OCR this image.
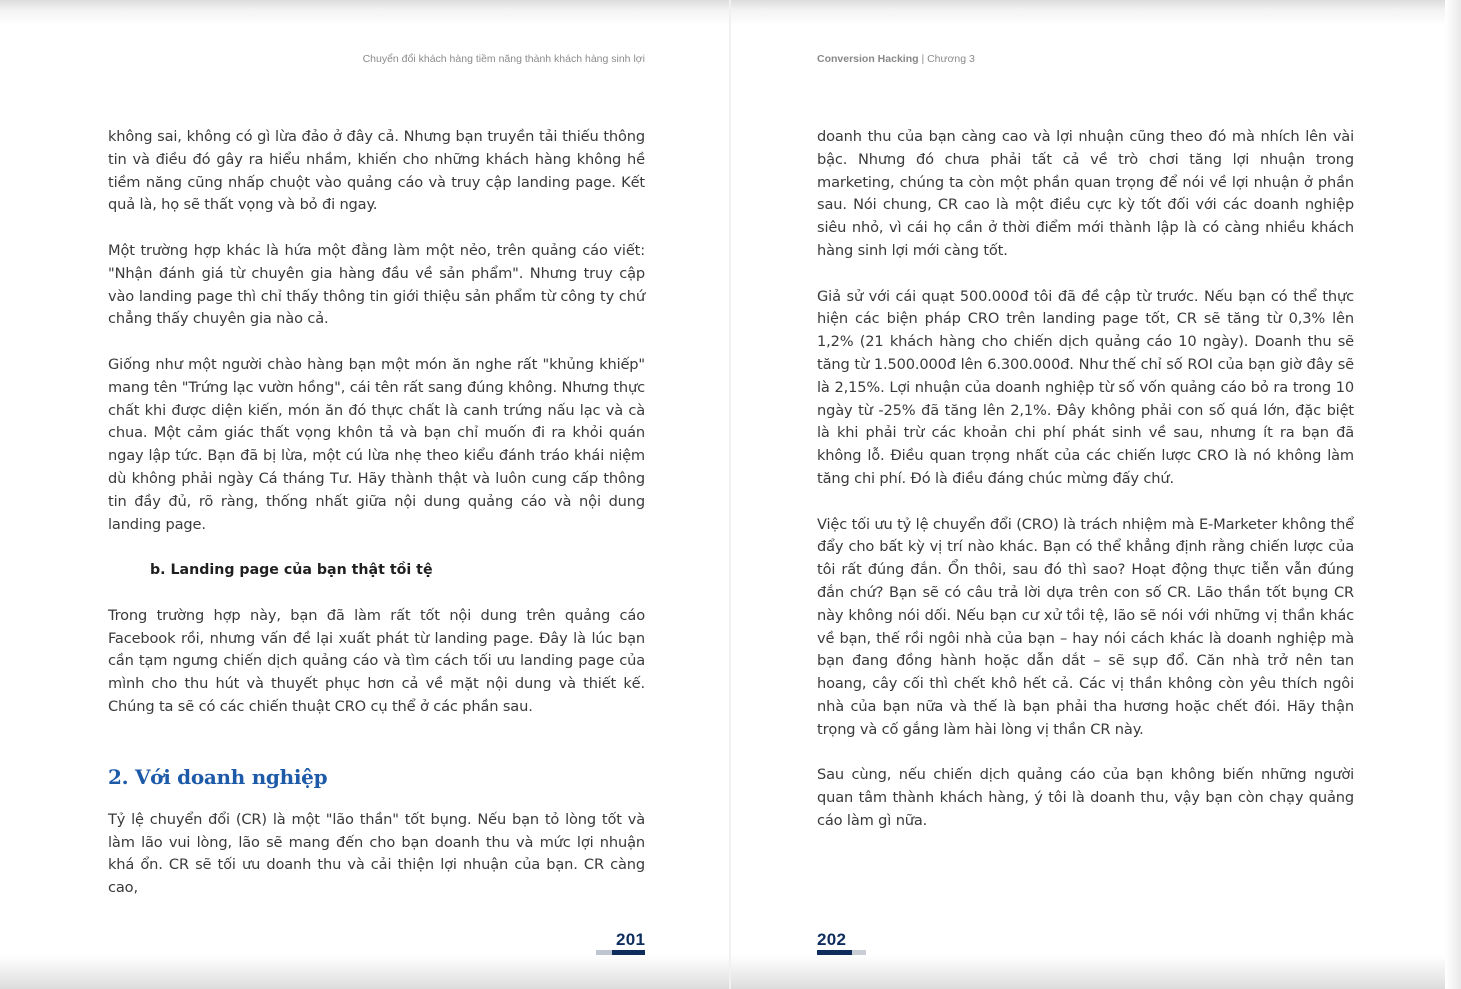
Chuyển đổi khách hàng tiềm năng thành khách hàng sinh lợi

không sai, không có gì lừa đảo ở đây cả. Nhưng bạn truyền tải thiếu thông tin và điều đó gây ra hiểu nhầm, khiến cho những khách hàng không hề tiềm năng cũng nhấp chuột vào quảng cáo và truy cập landing page. Kết quả là, họ sẽ thất vọng và bỏ đi ngay.

Một trường hợp khác là hứa một đằng làm một nẻo, trên quảng cáo viết: "Nhận đánh giá từ chuyên gia hàng đầu về sản phẩm". Nhưng truy cập vào landing page thì chỉ thấy thông tin giới thiệu sản phẩm từ công ty chứ chẳng thấy chuyên gia nào cả.

Giống như một người chào hàng bạn một món ăn nghe rất "khủng khiếp" mang tên "Trứng lạc vườn hồng", cái tên rất sang đúng không. Nhưng thực chất khi được diện kiến, món ăn đó thực chất là canh trứng nấu lạc và cà chua. Một cảm giác thất vọng khôn tả và bạn chỉ muốn đi ra khỏi quán ngay lập tức. Bạn đã bị lừa, một cú lừa nhẹ theo kiểu đánh tráo khái niệm dù không phải ngày Cá tháng Tư. Hãy thành thật và luôn cung cấp thông tin đầy đủ, rõ ràng, thống nhất giữa nội dung quảng cáo và nội dung landing page.

b. Landing page của bạn thật tồi tệ

Trong trường hợp này, bạn đã làm rất tốt nội dung trên quảng cáo Facebook rồi, nhưng vấn đề lại xuất phát từ landing page. Đây là lúc bạn cần tạm ngưng chiến dịch quảng cáo và tìm cách tối ưu landing page của mình cho thu hút và thuyết phục hơn cả về mặt nội dung và thiết kế. Chúng ta sẽ có các chiến thuật CRO cụ thể ở các phần sau.

2. Với doanh nghiệp

Tỷ lệ chuyển đổi (CR) là một "lão thần" tốt bụng. Nếu bạn tỏ lòng tốt và làm lão vui lòng, lão sẽ mang đến cho bạn doanh thu và mức lợi nhuận khá ổn. CR sẽ tối ưu doanh thu và cải thiện lợi nhuận của bạn. CR càng cao,

201
Conversion Hacking | Chương 3

doanh thu của bạn càng cao và lợi nhuận cũng theo đó mà nhích lên vài bậc. Nhưng đó chưa phải tất cả về trò chơi tăng lợi nhuận trong marketing, chúng ta còn một phần quan trọng để nói về lợi nhuận ở phần sau. Nói chung, CR cao là một điều cực kỳ tốt đối với các doanh nghiệp siêu nhỏ, vì cái họ cần ở thời điểm mới thành lập là có càng nhiều khách hàng sinh lợi mới càng tốt.

Giả sử với cái quạt 500.000đ tôi đã đề cập từ trước. Nếu bạn có thể thực hiện các biện pháp CRO trên landing page tốt, CR sẽ tăng từ 0,3% lên 1,2% (21 khách hàng cho chiến dịch quảng cáo 10 ngày). Doanh thu sẽ tăng từ 1.500.000đ lên 6.300.000đ. Như thế chỉ số ROI của bạn giờ đây sẽ là 2,15%. Lợi nhuận của doanh nghiệp từ số vốn quảng cáo bỏ ra trong 10 ngày từ -25% đã tăng lên 2,1%. Đây không phải con số quá lớn, đặc biệt là khi phải trừ các khoản chi phí phát sinh về sau, nhưng ít ra bạn đã không lỗ. Điều quan trọng nhất của các chiến lược CRO là nó không làm tăng chi phí. Đó là điều đáng chúc mừng đấy chứ.

Việc tối ưu tỷ lệ chuyển đổi (CRO) là trách nhiệm mà E-Marketer không thể đẩy cho bất kỳ vị trí nào khác. Bạn có thể khẳng định rằng chiến lược của tôi rất đúng đắn. Ổn thôi, sau đó thì sao? Hoạt động thực tiễn vẫn đúng đắn chứ? Bạn sẽ có câu trả lời dựa trên con số CR. Lão thần tốt bụng CR này không nói dối. Nếu bạn cư xử tồi tệ, lão sẽ nói với những vị thần khác về bạn, thế rồi ngôi nhà của bạn – hay nói cách khác là doanh nghiệp mà bạn đang đồng hành hoặc dẫn dắt – sẽ sụp đổ. Căn nhà trở nên tan hoang, cây cối thì chết khô hết cả. Các vị thần không còn yêu thích ngôi nhà của bạn nữa và thế là bạn phải tha hương hoặc chết đói. Hãy thận trọng và cố gắng làm hài lòng vị thần CR này.

Sau cùng, nếu chiến dịch quảng cáo của bạn không biến những người quan tâm thành khách hàng, ý tôi là doanh thu, vậy bạn còn chạy quảng cáo làm gì nữa.

202
